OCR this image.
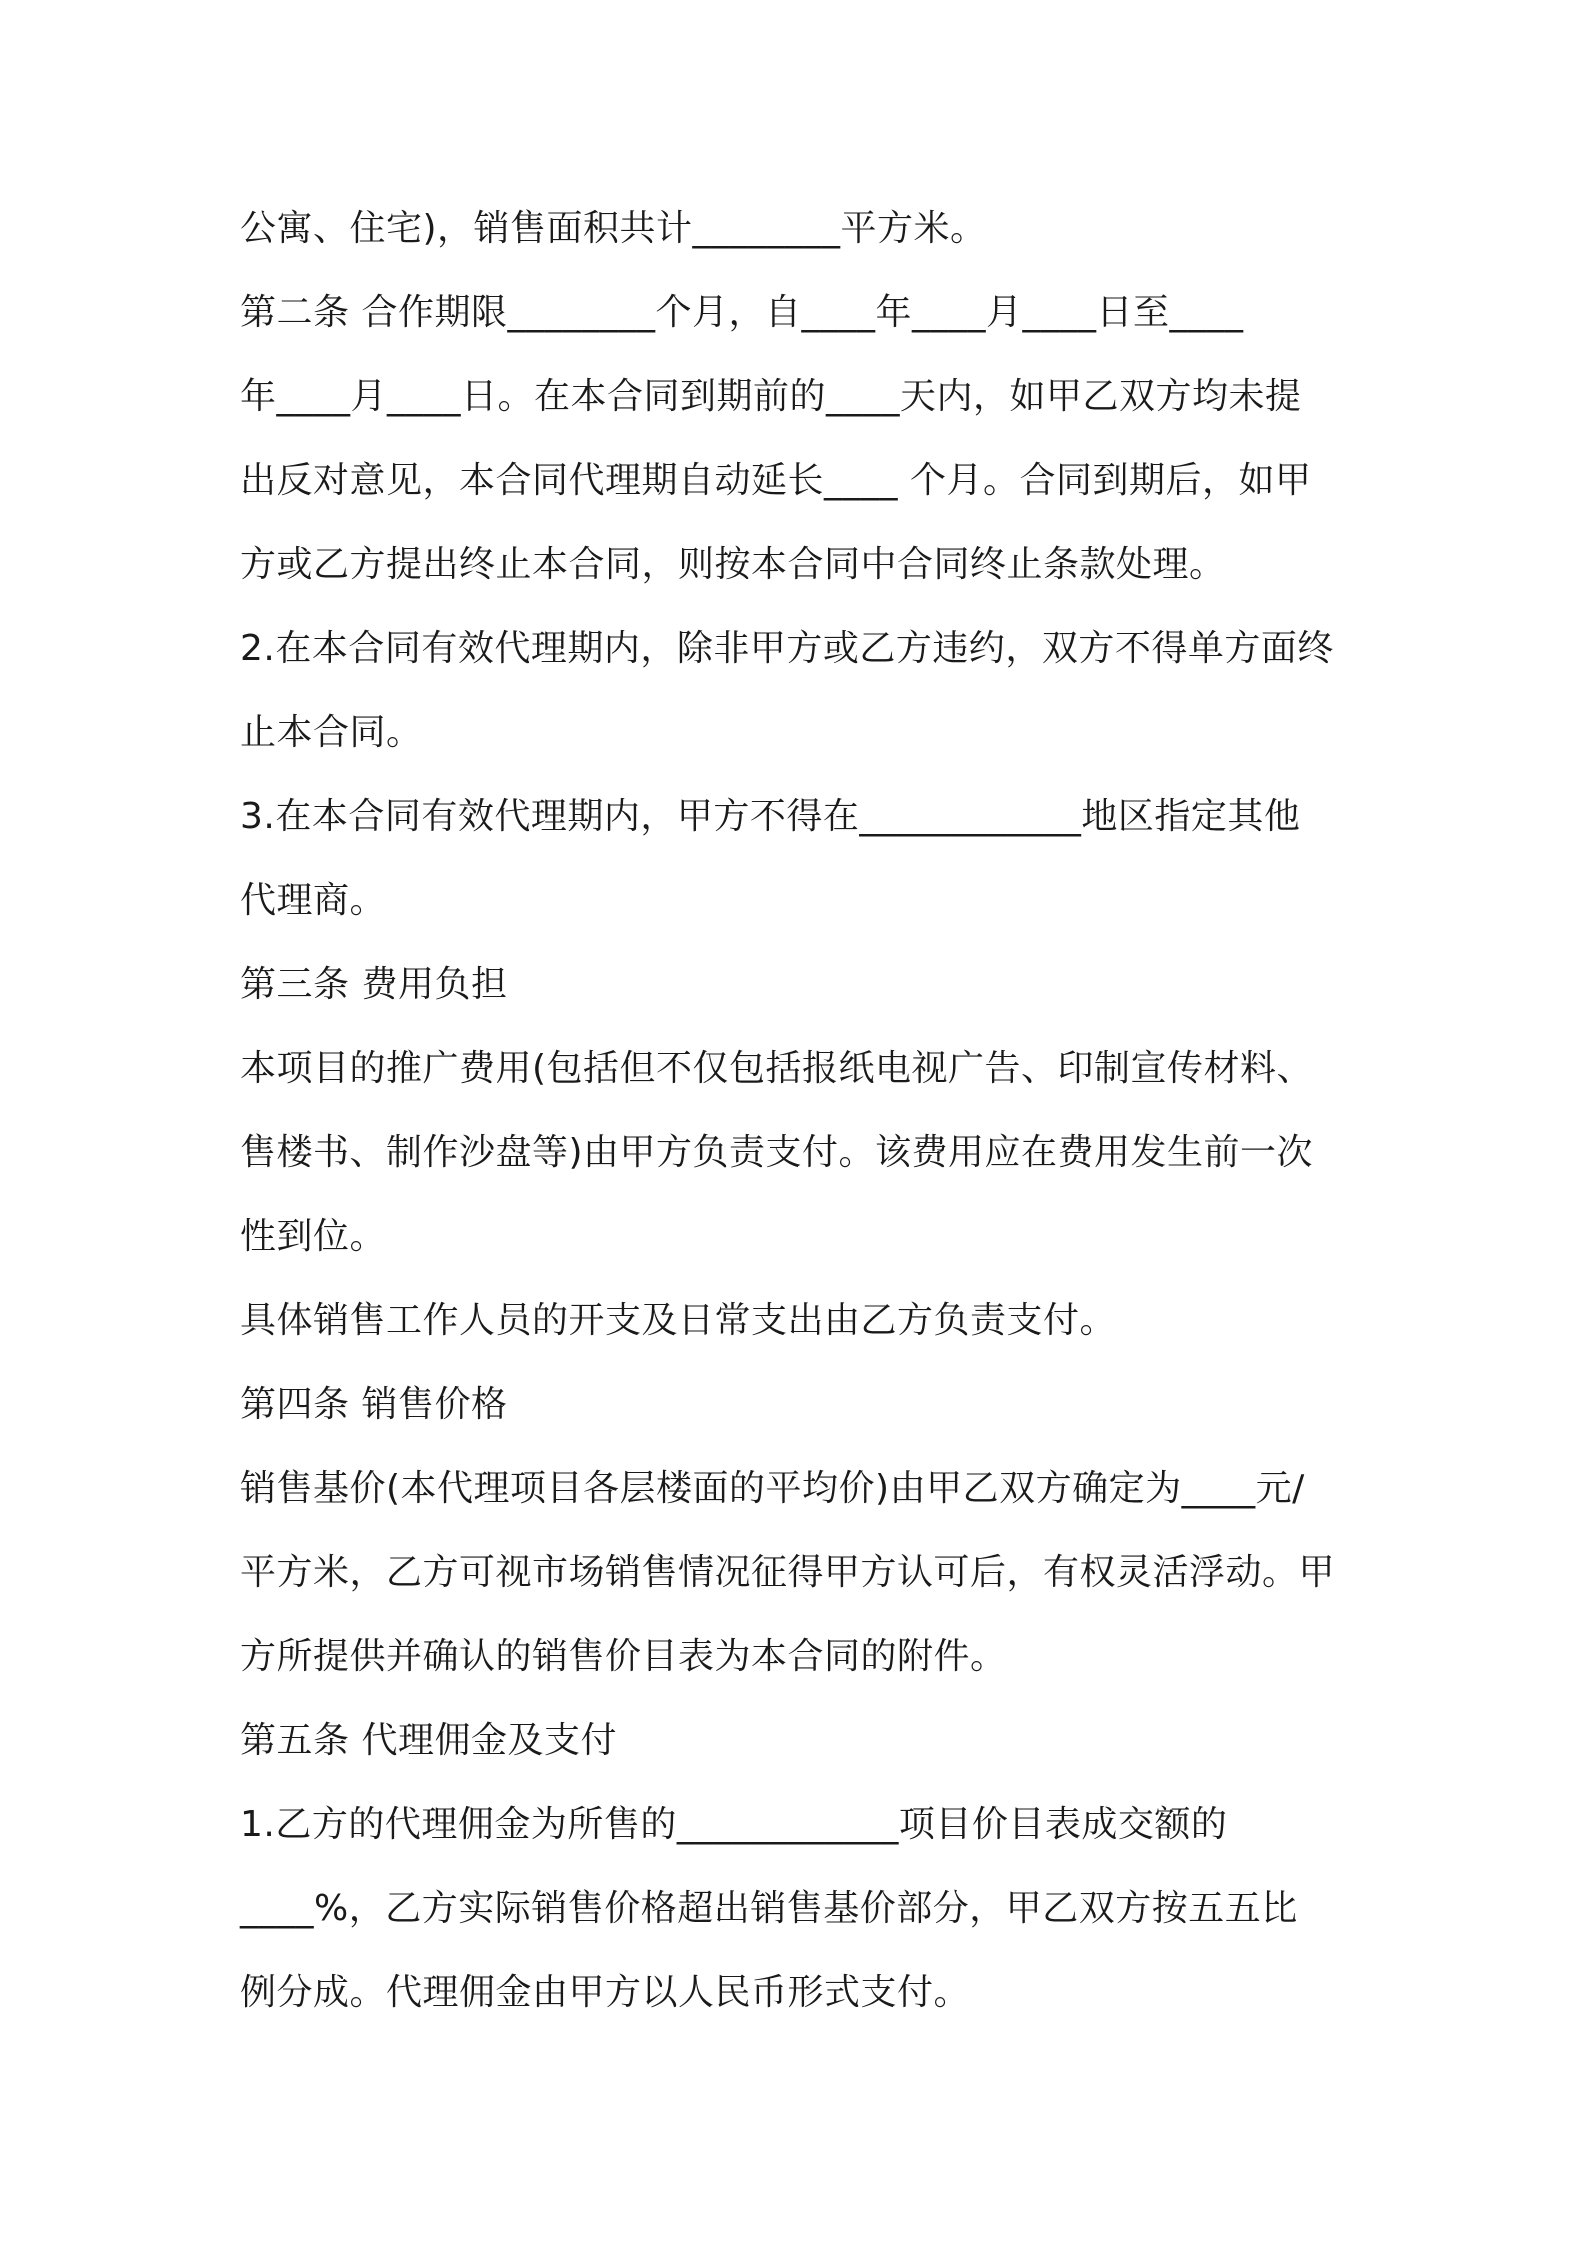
公寓、住宅)，销售面积共计________平方米。
第二条 合作期限________个月，自____年____月____日至____
年____月____日。在本合同到期前的____天内，如甲乙双方均未提
出反对意见，本合同代理期自动延长____ 个月。合同到期后，如甲
方或乙方提出终止本合同，则按本合同中合同终止条款处理。
2.在本合同有效代理期内，除非甲方或乙方违约，双方不得单方面终
止本合同。
3.在本合同有效代理期内，甲方不得在____________地区指定其他
代理商。
第三条 费用负担
本项目的推广费用(包括但不仅包括报纸电视广告、印制宣传材料、
售楼书、制作沙盘等)由甲方负责支付。该费用应在费用发生前一次
性到位。
具体销售工作人员的开支及日常支出由乙方负责支付。
第四条 销售价格
销售基价(本代理项目各层楼面的平均价)由甲乙双方确定为____元/
平方米，乙方可视市场销售情况征得甲方认可后，有权灵活浮动。甲
方所提供并确认的销售价目表为本合同的附件。
第五条 代理佣金及支付
1.乙方的代理佣金为所售的____________项目价目表成交额的
____%，乙方实际销售价格超出销售基价部分，甲乙双方按五五比
例分成。代理佣金由甲方以人民币形式支付。
